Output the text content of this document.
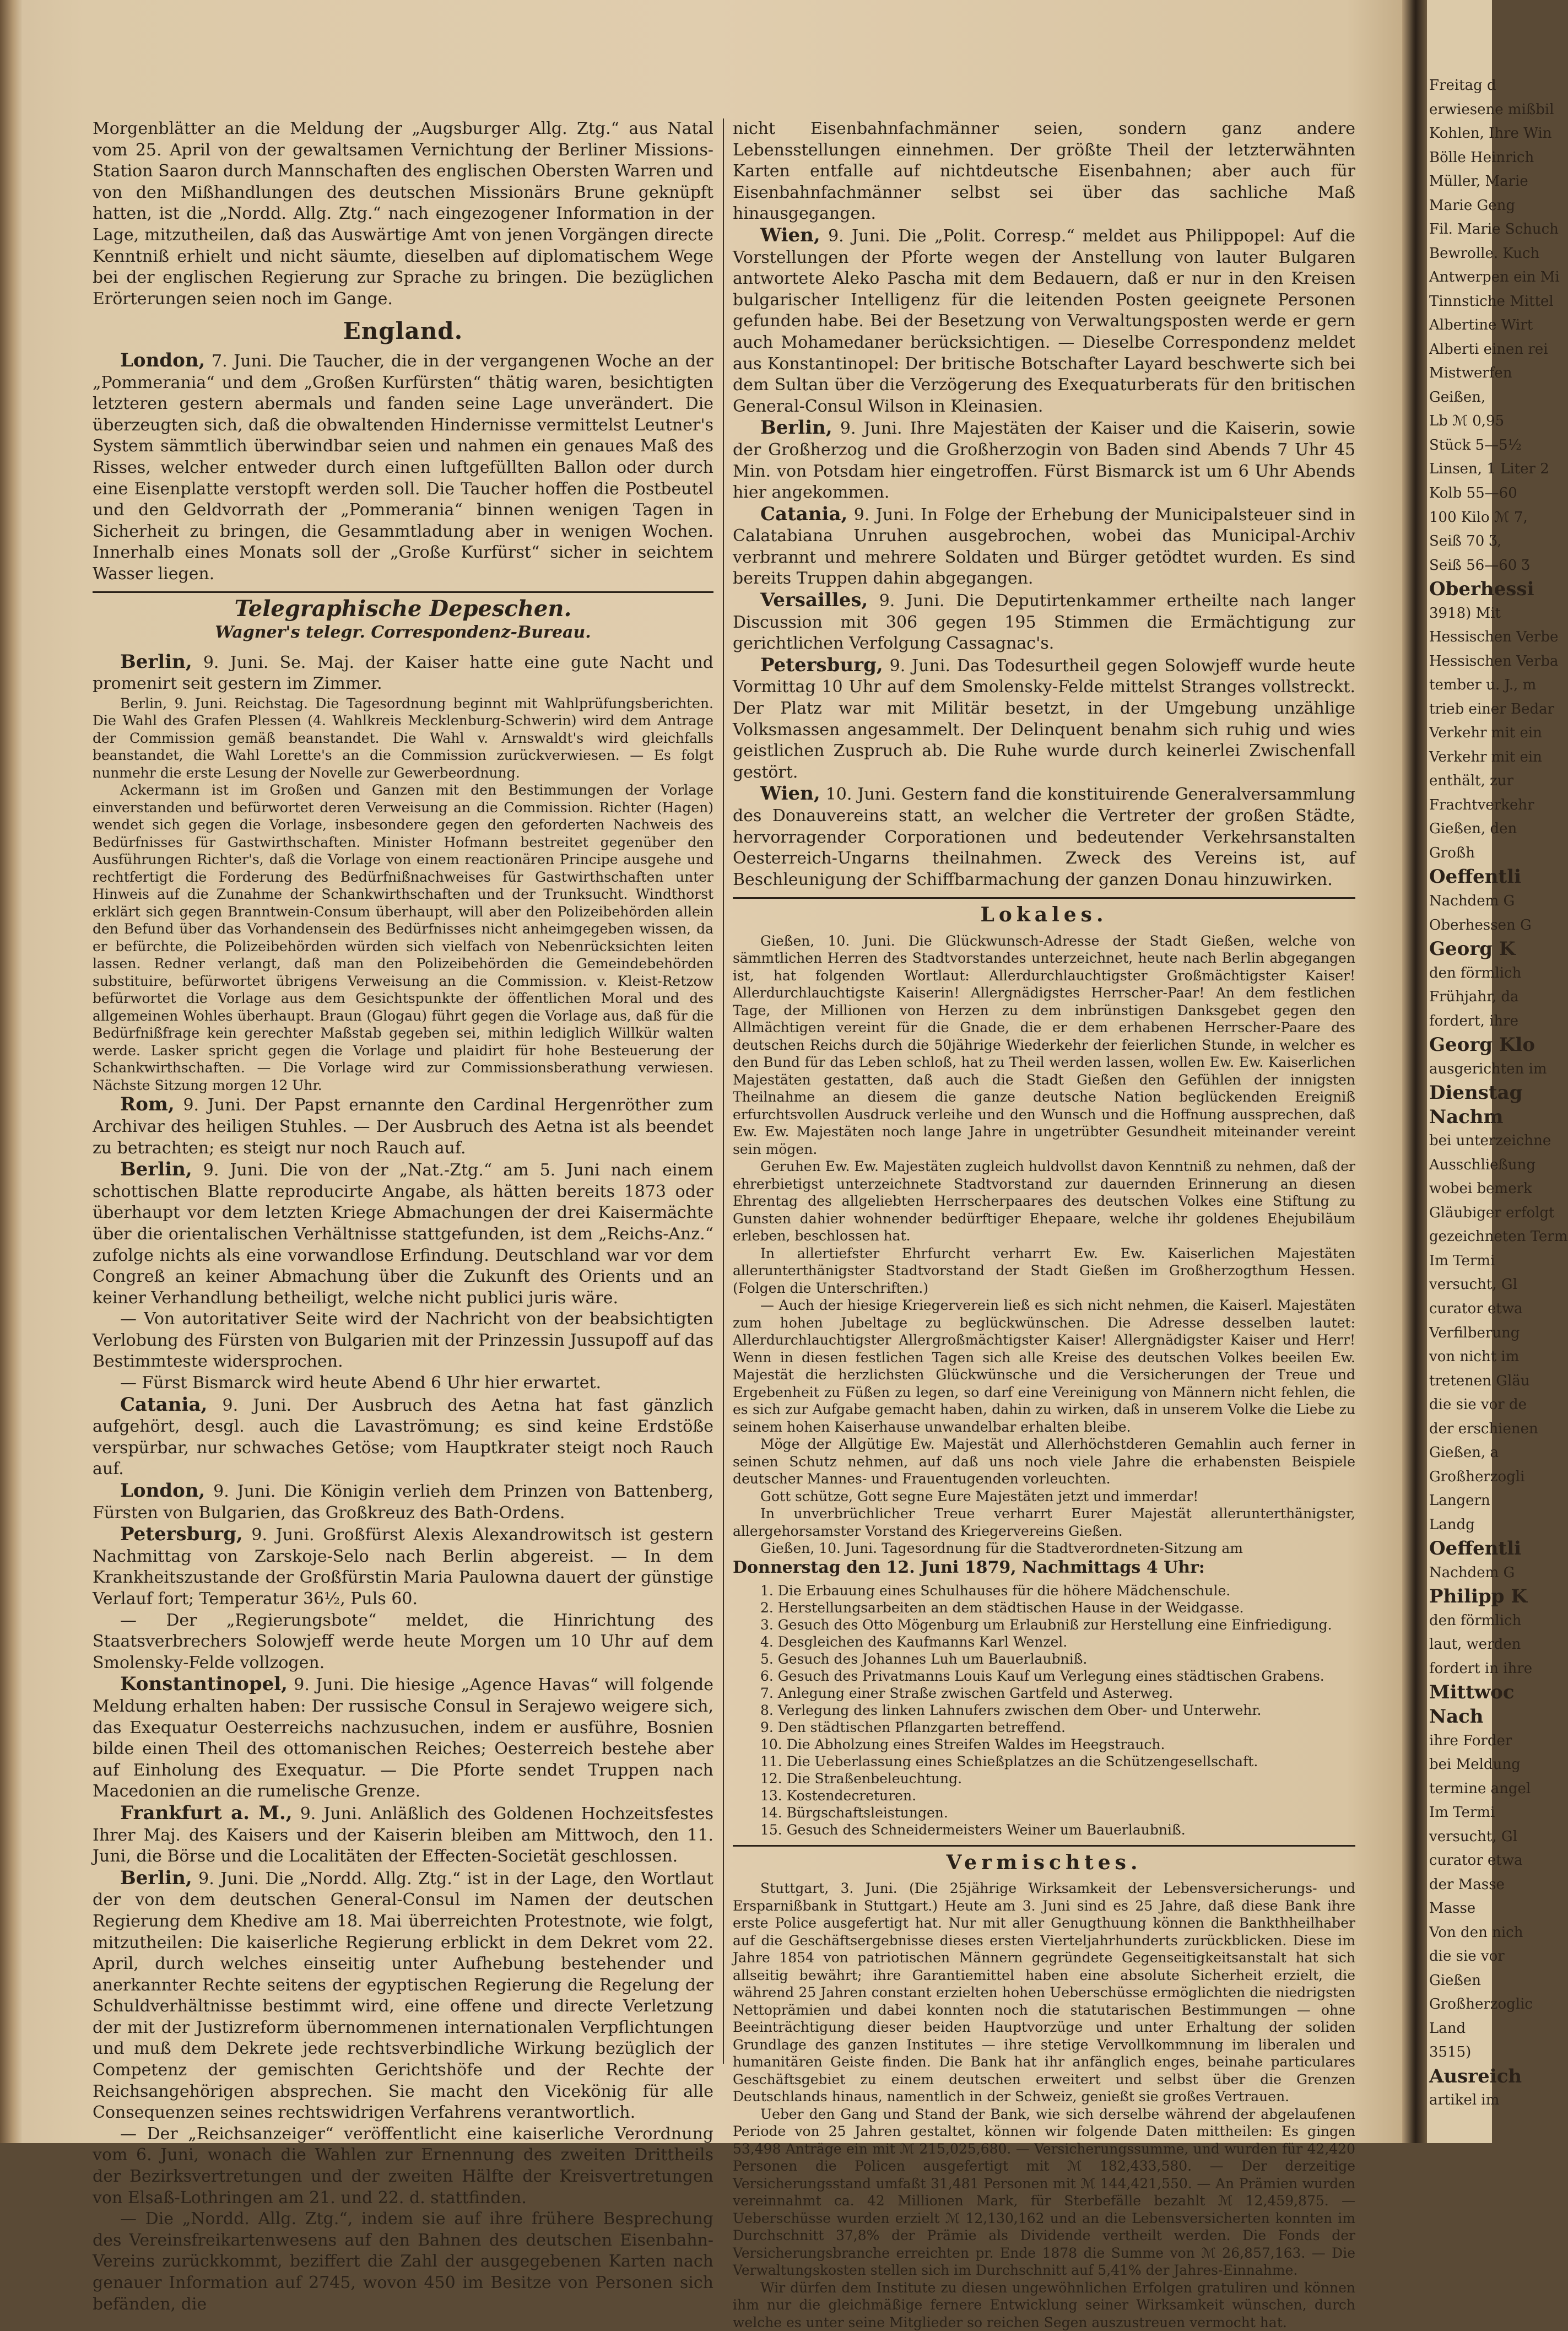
Morgenblätter an die Meldung der „Augsburger Allg. Ztg.“ aus Natal vom 25. April von der gewaltsamen Vernichtung der Berliner Missions-Station Saaron durch Mannschaften des englischen Obersten Warren und von den Mißhandlungen des deutschen Missionärs Brune geknüpft hatten, ist die „Nordd. Allg. Ztg.“ nach eingezogener Information in der Lage, mitzutheilen, daß das Auswärtige Amt von jenen Vorgängen directe Kenntniß erhielt und nicht säumte, dieselben auf diplomatischem Wege bei der englischen Regierung zur Sprache zu bringen. Die bezüglichen Erörterungen seien noch im Gange.

England.

London, 7. Juni. Die Taucher, die in der vergangenen Woche an der „Pommerania“ und dem „Großen Kurfürsten“ thätig waren, besichtigten letzteren gestern abermals und fanden seine Lage unverändert. Die überzeugten sich, daß die obwaltenden Hindernisse vermittelst Leutner's System sämmtlich überwindbar seien und nahmen ein genaues Maß des Risses, welcher entweder durch einen luftgefüllten Ballon oder durch eine Eisenplatte verstopft werden soll. Die Taucher hoffen die Postbeutel und den Geldvorrath der „Pommerania“ binnen wenigen Tagen in Sicherheit zu bringen, die Gesammtladung aber in wenigen Wochen. Innerhalb eines Monats soll der „Große Kurfürst“ sicher in seichtem Wasser liegen.

Telegraphische Depeschen.
Wagner's telegr. Correspondenz-Bureau.

Berlin, 9. Juni. Se. Maj. der Kaiser hatte eine gute Nacht und promenirt seit gestern im Zimmer.

Berlin, 9. Juni. Reichstag. Die Tagesordnung beginnt mit Wahlprüfungsberichten. Die Wahl des Grafen Plessen (4. Wahlkreis Mecklenburg-Schwerin) wird dem Antrage der Commission gemäß beanstandet. Die Wahl v. Arnswaldt's wird gleichfalls beanstandet, die Wahl Lorette's an die Commission zurückverwiesen. — Es folgt nunmehr die erste Lesung der Novelle zur Gewerbeordnung.

Ackermann ist im Großen und Ganzen mit den Bestimmungen der Vorlage einverstanden und befürwortet deren Verweisung an die Commission. Richter (Hagen) wendet sich gegen die Vorlage, insbesondere gegen den geforderten Nachweis des Bedürfnisses für Gastwirthschaften. Minister Hofmann bestreitet gegenüber den Ausführungen Richter's, daß die Vorlage von einem reactionären Principe ausgehe und rechtfertigt die Forderung des Bedürfnißnachweises für Gastwirthschaften unter Hinweis auf die Zunahme der Schankwirthschaften und der Trunksucht. Windthorst erklärt sich gegen Branntwein-Consum überhaupt, will aber den Polizeibehörden allein den Befund über das Vorhandensein des Bedürfnisses nicht anheimgegeben wissen, da er befürchte, die Polizeibehörden würden sich vielfach von Nebenrücksichten leiten lassen. Redner verlangt, daß man den Polizeibehörden die Gemeindebehörden substituire, befürwortet übrigens Verweisung an die Commission. v. Kleist-Retzow befürwortet die Vorlage aus dem Gesichtspunkte der öffentlichen Moral und des allgemeinen Wohles überhaupt. Braun (Glogau) führt gegen die Vorlage aus, daß für die Bedürfnißfrage kein gerechter Maßstab gegeben sei, mithin lediglich Willkür walten werde. Lasker spricht gegen die Vorlage und plaidirt für hohe Besteuerung der Schankwirthschaften. — Die Vorlage wird zur Commissionsberathung verwiesen. Nächste Sitzung morgen 12 Uhr.

Rom, 9. Juni. Der Papst ernannte den Cardinal Hergenröther zum Archivar des heiligen Stuhles. — Der Ausbruch des Aetna ist als beendet zu betrachten; es steigt nur noch Rauch auf.

Berlin, 9. Juni. Die von der „Nat.-Ztg.“ am 5. Juni nach einem schottischen Blatte reproducirte Angabe, als hätten bereits 1873 oder überhaupt vor dem letzten Kriege Abmachungen der drei Kaisermächte über die orientalischen Verhältnisse stattgefunden, ist dem „Reichs-Anz.“ zufolge nichts als eine vorwandlose Erfindung. Deutschland war vor dem Congreß an keiner Abmachung über die Zukunft des Orients und an keiner Verhandlung betheiligt, welche nicht publici juris wäre.

— Von autoritativer Seite wird der Nachricht von der beabsichtigten Verlobung des Fürsten von Bulgarien mit der Prinzessin Jussupoff auf das Bestimmteste widersprochen.

— Fürst Bismarck wird heute Abend 6 Uhr hier erwartet.

Catania, 9. Juni. Der Ausbruch des Aetna hat fast gänzlich aufgehört, desgl. auch die Lavaströmung; es sind keine Erdstöße verspürbar, nur schwaches Getöse; vom Hauptkrater steigt noch Rauch auf.

London, 9. Juni. Die Königin verlieh dem Prinzen von Battenberg, Fürsten von Bulgarien, das Großkreuz des Bath-Ordens.

Petersburg, 9. Juni. Großfürst Alexis Alexandrowitsch ist gestern Nachmittag von Zarskoje-Selo nach Berlin abgereist. — In dem Krankheitszustande der Großfürstin Maria Paulowna dauert der günstige Verlauf fort; Temperatur 36½, Puls 60.

— Der „Regierungsbote“ meldet, die Hinrichtung des Staatsverbrechers Solowjeff werde heute Morgen um 10 Uhr auf dem Smolensky-Felde vollzogen.

Konstantinopel, 9. Juni. Die hiesige „Agence Havas“ will folgende Meldung erhalten haben: Der russische Consul in Serajewo weigere sich, das Exequatur Oesterreichs nachzusuchen, indem er ausführe, Bosnien bilde einen Theil des ottomanischen Reiches; Oesterreich bestehe aber auf Einholung des Exequatur. — Die Pforte sendet Truppen nach Macedonien an die rumelische Grenze.

Frankfurt a. M., 9. Juni. Anläßlich des Goldenen Hochzeitsfestes Ihrer Maj. des Kaisers und der Kaiserin bleiben am Mittwoch, den 11. Juni, die Börse und die Localitäten der Effecten-Societät geschlossen.

Berlin, 9. Juni. Die „Nordd. Allg. Ztg.“ ist in der Lage, den Wortlaut der von dem deutschen General-Consul im Namen der deutschen Regierung dem Khedive am 18. Mai überreichten Protestnote, wie folgt, mitzutheilen: Die kaiserliche Regierung erblickt in dem Dekret vom 22. April, durch welches einseitig unter Aufhebung bestehender und anerkannter Rechte seitens der egyptischen Regierung die Regelung der Schuldverhältnisse bestimmt wird, eine offene und directe Verletzung der mit der Justizreform übernommenen internationalen Verpflichtungen und muß dem Dekrete jede rechtsverbindliche Wirkung bezüglich der Competenz der gemischten Gerichtshöfe und der Rechte der Reichsangehörigen absprechen. Sie macht den Vicekönig für alle Consequenzen seines rechtswidrigen Verfahrens verantwortlich.

— Der „Reichsanzeiger“ veröffentlicht eine kaiserliche Verordnung vom 6. Juni, wonach die Wahlen zur Ernennung des zweiten Drittheils der Bezirksvertretungen und der zweiten Hälfte der Kreisvertretungen von Elsaß-Lothringen am 21. und 22. d. stattfinden.

— Die „Nordd. Allg. Ztg.“, indem sie auf ihre frühere Besprechung des Vereinsfreikartenwesens auf den Bahnen des deutschen Eisenbahn-Vereins zurückkommt, beziffert die Zahl der ausgegebenen Karten nach genauer Information auf 2745, wovon 450 im Besitze von Personen sich befänden, die

nicht Eisenbahnfachmänner seien, sondern ganz andere Lebensstellungen einnehmen. Der größte Theil der letzterwähnten Karten entfalle auf nichtdeutsche Eisenbahnen; aber auch für Eisenbahnfachmänner selbst sei über das sachliche Maß hinausgegangen.

Wien, 9. Juni. Die „Polit. Corresp.“ meldet aus Philippopel: Auf die Vorstellungen der Pforte wegen der Anstellung von lauter Bulgaren antwortete Aleko Pascha mit dem Bedauern, daß er nur in den Kreisen bulgarischer Intelligenz für die leitenden Posten geeignete Personen gefunden habe. Bei der Besetzung von Verwaltungsposten werde er gern auch Mohamedaner berücksichtigen. — Dieselbe Correspondenz meldet aus Konstantinopel: Der britische Botschafter Layard beschwerte sich bei dem Sultan über die Verzögerung des Exequaturberats für den britischen General-Consul Wilson in Kleinasien.

Berlin, 9. Juni. Ihre Majestäten der Kaiser und die Kaiserin, sowie der Großherzog und die Großherzogin von Baden sind Abends 7 Uhr 45 Min. von Potsdam hier eingetroffen. Fürst Bismarck ist um 6 Uhr Abends hier angekommen.

Catania, 9. Juni. In Folge der Erhebung der Municipalsteuer sind in Calatabiana Unruhen ausgebrochen, wobei das Municipal-Archiv verbrannt und mehrere Soldaten und Bürger getödtet wurden. Es sind bereits Truppen dahin abgegangen.

Versailles, 9. Juni. Die Deputirtenkammer ertheilte nach langer Discussion mit 306 gegen 195 Stimmen die Ermächtigung zur gerichtlichen Verfolgung Cassagnac's.

Petersburg, 9. Juni. Das Todesurtheil gegen Solowjeff wurde heute Vormittag 10 Uhr auf dem Smolensky-Felde mittelst Stranges vollstreckt. Der Platz war mit Militär besetzt, in der Umgebung unzählige Volksmassen angesammelt. Der Delinquent benahm sich ruhig und wies geistlichen Zuspruch ab. Die Ruhe wurde durch keinerlei Zwischenfall gestört.

Wien, 10. Juni. Gestern fand die konstituirende Generalversammlung des Donauvereins statt, an welcher die Vertreter der großen Städte, hervorragender Corporationen und bedeutender Verkehrsanstalten Oesterreich-Ungarns theilnahmen. Zweck des Vereins ist, auf Beschleunigung der Schiffbarmachung der ganzen Donau hinzuwirken.

Lokales.

Gießen, 10. Juni. Die Glückwunsch-Adresse der Stadt Gießen, welche von sämmtlichen Herren des Stadtvorstandes unterzeichnet, heute nach Berlin abgegangen ist, hat folgenden Wortlaut: Allerdurchlauchtigster Großmächtigster Kaiser! Allerdurchlauchtigste Kaiserin! Allergnädigstes Herrscher-Paar! An dem festlichen Tage, der Millionen von Herzen zu dem inbrünstigen Danksgebet gegen den Allmächtigen vereint für die Gnade, die er dem erhabenen Herrscher-Paare des deutschen Reichs durch die 50jährige Wiederkehr der feierlichen Stunde, in welcher es den Bund für das Leben schloß, hat zu Theil werden lassen, wollen Ew. Ew. Kaiserlichen Majestäten gestatten, daß auch die Stadt Gießen den Gefühlen der innigsten Theilnahme an diesem die ganze deutsche Nation beglückenden Ereigniß erfurchtsvollen Ausdruck verleihe und den Wunsch und die Hoffnung aussprechen, daß Ew. Ew. Majestäten noch lange Jahre in ungetrübter Gesundheit miteinander vereint sein mögen.

Geruhen Ew. Ew. Majestäten zugleich huldvollst davon Kenntniß zu nehmen, daß der ehrerbietigst unterzeichnete Stadtvorstand zur dauernden Erinnerung an diesen Ehrentag des allgeliebten Herrscherpaares des deutschen Volkes eine Stiftung zu Gunsten dahier wohnender bedürftiger Ehepaare, welche ihr goldenes Ehejubiläum erleben, beschlossen hat.

In allertiefster Ehrfurcht verharrt Ew. Ew. Kaiserlichen Majestäten allerunterthänigster Stadtvorstand der Stadt Gießen im Großherzogthum Hessen. (Folgen die Unterschriften.)

— Auch der hiesige Kriegerverein ließ es sich nicht nehmen, die Kaiserl. Majestäten zum hohen Jubeltage zu beglückwünschen. Die Adresse desselben lautet: Allerdurchlauchtigster Allergroßmächtigster Kaiser! Allergnädigster Kaiser und Herr! Wenn in diesen festlichen Tagen sich alle Kreise des deutschen Volkes beeilen Ew. Majestät die herzlichsten Glückwünsche und die Versicherungen der Treue und Ergebenheit zu Füßen zu legen, so darf eine Vereinigung von Männern nicht fehlen, die es sich zur Aufgabe gemacht haben, dahin zu wirken, daß in unserem Volke die Liebe zu seinem hohen Kaiserhause unwandelbar erhalten bleibe.

Möge der Allgütige Ew. Majestät und Allerhöchstderen Gemahlin auch ferner in seinen Schutz nehmen, auf daß uns noch viele Jahre die erhabensten Beispiele deutscher Mannes- und Frauentugenden vorleuchten.

Gott schütze, Gott segne Eure Majestäten jetzt und immerdar!

In unverbrüchlicher Treue verharrt Eurer Majestät allerunterthänigster, allergehorsamster Vorstand des Kriegervereins Gießen.

Gießen, 10. Juni. Tagesordnung für die Stadtverordneten-Sitzung am

Donnerstag den 12. Juni 1879, Nachmittags 4 Uhr:

1. Die Erbauung eines Schulhauses für die höhere Mädchenschule.
2. Herstellungsarbeiten an dem städtischen Hause in der Weidgasse.
3. Gesuch des Otto Mögenburg um Erlaubniß zur Herstellung eine Einfriedigung.
4. Desgleichen des Kaufmanns Karl Wenzel.
5. Gesuch des Johannes Luh um Bauerlaubniß.
6. Gesuch des Privatmanns Louis Kauf um Verlegung eines städtischen Grabens.
7. Anlegung einer Straße zwischen Gartfeld und Asterweg.
8. Verlegung des linken Lahnufers zwischen dem Ober- und Unterwehr.
9. Den städtischen Pflanzgarten betreffend.
10. Die Abholzung eines Streifen Waldes im Heegstrauch.
11. Die Ueberlassung eines Schießplatzes an die Schützengesellschaft.
12. Die Straßenbeleuchtung.
13. Kostendecreturen.
14. Bürgschaftsleistungen.
15. Gesuch des Schneidermeisters Weiner um Bauerlaubniß.
Vermischtes.

Stuttgart, 3. Juni. (Die 25jährige Wirksamkeit der Lebensversicherungs- und Ersparnißbank in Stuttgart.) Heute am 3. Juni sind es 25 Jahre, daß diese Bank ihre erste Police ausgefertigt hat. Nur mit aller Genugthuung können die Bankthheilhaber auf die Geschäftsergebnisse dieses ersten Vierteljahrhunderts zurückblicken. Diese im Jahre 1854 von patriotischen Männern gegründete Gegenseitigkeitsanstalt hat sich allseitig bewährt; ihre Garantiemittel haben eine absolute Sicherheit erzielt, die während 25 Jahren constant erzielten hohen Ueberschüsse ermöglichten die niedrigsten Nettoprämien und dabei konnten noch die statutarischen Bestimmungen — ohne Beeinträchtigung dieser beiden Hauptvorzüge und unter Erhaltung der soliden Grundlage des ganzen Institutes — ihre stetige Vervollkommnung im liberalen und humanitären Geiste finden. Die Bank hat ihr anfänglich enges, beinahe particulares Geschäftsgebiet zu einem deutschen erweitert und selbst über die Grenzen Deutschlands hinaus, namentlich in der Schweiz, genießt sie großes Vertrauen.

Ueber den Gang und Stand der Bank, wie sich derselbe während der abgelaufenen Periode von 25 Jahren gestaltet, können wir folgende Daten mittheilen: Es gingen 53,498 Anträge ein mit ℳ 215,025,680. — Versicherungssumme, und wurden für 42,420 Personen die Policen ausgefertigt mit ℳ 182,433,580. — Der derzeitige Versicherungsstand umfaßt 31,481 Personen mit ℳ 144,421,550. — An Prämien wurden vereinnahmt ca. 42 Millionen Mark, für Sterbefälle bezahlt ℳ 12,459,875. — Ueberschüsse wurden erzielt ℳ 12,130,162 und an die Lebensversicherten konnten im Durchschnitt 37,8% der Prämie als Dividende vertheilt werden. Die Fonds der Versicherungsbranche erreichten pr. Ende 1878 die Summe von ℳ 26,857,163. — Die Verwaltungskosten stellen sich im Durchschnitt auf 5,41% der Jahres-Einnahme.

Wir dürfen dem Institute zu diesen ungewöhnlichen Erfolgen gratuliren und können ihm nur die gleichmäßige fernere Entwicklung seiner Wirksamkeit wünschen, durch welche es unter seine Mitglieder so reichen Segen auszustreuen vermocht hat.

Freitag d
erwiesene mißbil
Kohlen, Ihre Win
Bölle Heinrich
Müller, Marie
Marie Geng
Fil. Marie Schuch
Bewrolle. Kuch
Antwerpen ein Mi
Tinnstiche Mittel
Albertine Wirt
Alberti einen rei
Mistwerfen
Geißen,
Lb ℳ 0,95
Stück 5—5½
Linsen, 1 Liter 2
Kolb 55—60
100 Kilo ℳ 7,
Seiß 70 Ʒ,
Seiß 56—60 Ʒ
Oberhessi
3918) Mit
Hessischen Verbe
Hessischen Verba
tember u. J., m
trieb einer Bedar
Verkehr mit ein
Verkehr mit ein
enthält, zur
Frachtverkehr
Gießen, den
Großh
Oeffentli
Nachdem G
Oberhessen G
Georg K
den förmlich
Frühjahr, da
fordert, ihre
Georg Klo
ausgerichten im
Dienstag
Nachm
bei unterzeichne
Ausschließung
wobei bemerk
Gläubiger erfolgt
gezeichneten Term
Im Termi
versucht, Gl
curator etwa
Verfilberung
von nicht im
tretenen Gläu
die sie vor de
der erschienen
Gießen, a
Großherzogli
Langern
Landg
Oeffentli
Nachdem G
Philipp K
den förmlich
laut, werden
fordert in ihre
Mittwoc
Nach
ihre Forder
bei Meldung
termine angel
Im Termi
versucht, Gl
curator etwa
der Masse
Masse
Von den nich
die sie vor
Gießen
Großherzoglic
Land
3515)
Ausreich
artikel im
